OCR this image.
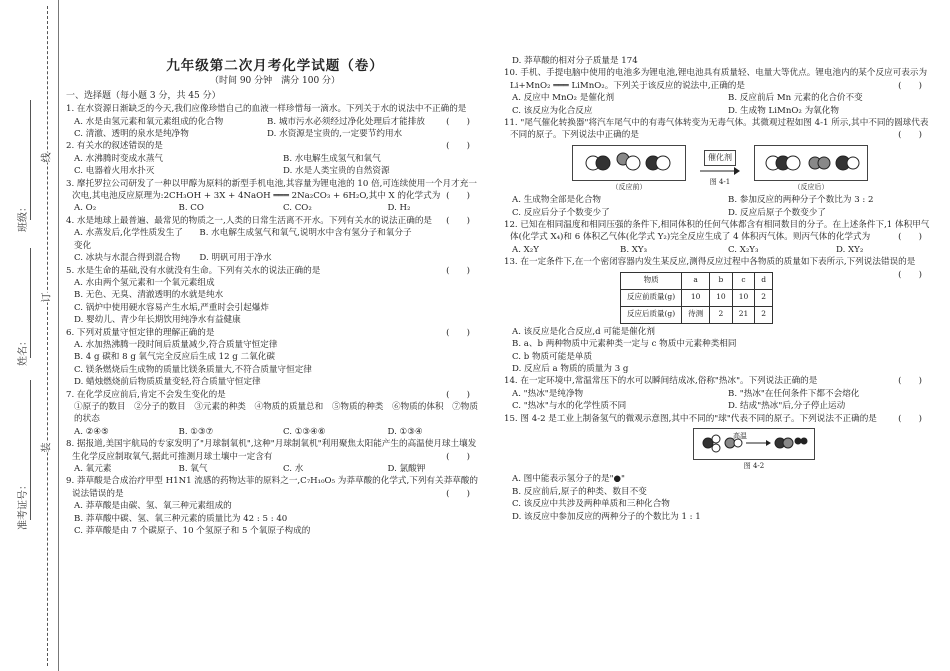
线
订
装
班级：
姓名：
准考证号：
九年级第二次月考化学试题（卷）
（时间 90 分钟　满分 100 分）
一、选择题（每小题 3 分，共 45 分）
1. 在水资源日渐缺乏的今天,我们应像珍惜自己的血液一样珍惜每一滴水。下列关于水的说法中不正确的是
(　　)
A. 水是由氢元素和氧元素组成的化合物	B. 城市污水必须经过净化处理后才能排放
C. 清澈、透明的泉水是纯净物	D. 水资源是宝贵的,一定要节约用水
2. 有关水的叙述错误的是	(　　)
A. 水沸腾时变成水蒸气	B. 水电解生成氢气和氧气
C. 电器着火用水扑灭	D. 水是人类宝贵的自然资源
3. 摩托罗拉公司研发了一种以甲醇为原料的新型手机电池,其容量为锂电池的 10 倍,可连续使用一个月才充一次电,其电池反应原理为:2CH₃OH + 3X + 4NaOH ═══ 2Na₂CO₃ + 6H₂O,其中 X 的化学式为 (　　)
A. O₂	B. CO	C. CO₂	D. H₂
4. 水是地球上最普遍、最常见的物质之一,人类的日常生活离不开水。下列有关水的说法正确的是 (　　)
A. 水蒸发后,化学性质发生了变化
B. 水电解生成氢气和氧气,说明水中含有氢分子和氧分子
C. 冰块与水混合得到混合物	D. 明矾可用于净水
5. 水是生命的基础,没有水就没有生命。下列有关水的说法正确的是	(　　)
A. 水由两个氢元素和一个氧元素组成
B. 无色、无臭、清澈透明的水就是纯水
C. 锅炉中使用硬水容易产生水垢,严重时会引起爆炸
D. 婴幼儿、青少年长期饮用纯净水有益健康
6. 下列对质量守恒定律的理解正确的是	(　　)
A. 水加热沸腾一段时间后质量减少,符合质量守恒定律
B. 4 g 碳和 8 g 氧气完全反应后生成 12 g 二氧化碳
C. 镁条燃烧后生成物的质量比镁条质量大,不符合质量守恒定律
D. 蜡烛燃烧前后物质质量变轻,符合质量守恒定律
7. 在化学反应前后,肯定不会发生变化的是	(　　)
①原子的数目　②分子的数目　③元素的种类　④物质的质量总和　⑤物质的种类　⑥物质的体积　⑦物质的状态
A. ②④⑤	B. ①③⑦	C. ①③④⑥	D. ①③④
8. 据报道,美国宇航局的专家发明了"月球制氧机",这种"月球制氧机"利用聚焦太阳能产生的高温使月球土壤发生化学反应制取氧气,据此可推测月球土壤中一定含有	(　　)
A. 氧元素	B. 氧气	C. 水	D. 氯酸钾
9. 莽草酸是合成治疗甲型 H1N1 流感的药物达菲的原料之一,C₇H₁₀O₅ 为莽草酸的化学式,下列有关莽草酸的说法错误的是	(　　)
A. 莽草酸是由碳、氢、氧三种元素组成的
B. 莽草酸中碳、氢、氧三种元素的质量比为 42 : 5 : 40
C. 莽草酸是由 7 个碳原子、10 个氢原子和 5 个氧原子构成的
D. 莽草酸的相对分子质量是 174
10. 手机、手提电脑中使用的电池多为锂电池,锂电池具有质量轻、电量大等优点。锂电池内的某个反应可表示为 Li+MnO₂ ═══ LiMnO₂。下列关于该反应的说法中,正确的是	(　　)
A. 反应中 MnO₂ 是催化剂	B. 反应前后 Mn 元素的化合价不变
C. 该反应为化合反应	D. 生成物 LiMnO₂ 为氧化物
11. "尾气催化转换器"将汽车尾气中的有毒气体转变为无毒气体。其微观过程如图 4-1 所示,其中不同的圆球代表不同的原子。下列说法中正确的是	(　　)
（反应前）
催化剂
图 4-1
（反应后）
A. 生成物全部是化合物	B. 参加反应的两种分子个数比为 3 : 2
C. 反应后分子个数变少了	D. 反应后原子个数变少了
12. 已知在相同温度和相同压强的条件下,相同体积的任何气体都含有相同数目的分子。在上述条件下,1 体积甲气体(化学式 X₄)和 6 体积乙气体(化学式 Y₂)完全反应生成了 4 体积丙气体。则丙气体的化学式为	(　　)
A. X₂Y	B. XY₃	C. X₂Y₃	D. XY₂
13. 在一定条件下,在一个密闭容器内发生某反应,测得反应过程中各物质的质量如下表所示,下列说法错误的是
(　　)
物质	a	b	c	d
反应前质量(g)	10	10	10	2
反应后质量(g)	待测	2	21	2
A. 该反应是化合反应,d 可能是催化剂
B. a、b 两种物质中元素种类一定与 c 物质中元素种类相同
C. b 物质可能是单质
D. 反应后 a 物质的质量为 3 g
14. 在一定环境中,常温常压下的水可以瞬间结成冰,俗称"热冰"。下列说法正确的是	(　　)
A. "热冰"是纯净物	B. "热冰"在任何条件下都不会熔化
C. "热冰"与水的化学性质不同	D. 结成"热冰"后,分子停止运动
15. 图 4-2 是工业上制备氢气的微观示意图,其中不同的"球"代表不同的原子。下列说法不正确的是 (　　)
图 4-2
高温
A. 图中能表示氢分子的是"●"
B. 反应前后,原子的种类、数目不变
C. 该反应中共涉及两种单质和三种化合物
D. 该反应中参加反应的两种分子的个数比为 1 : 1
